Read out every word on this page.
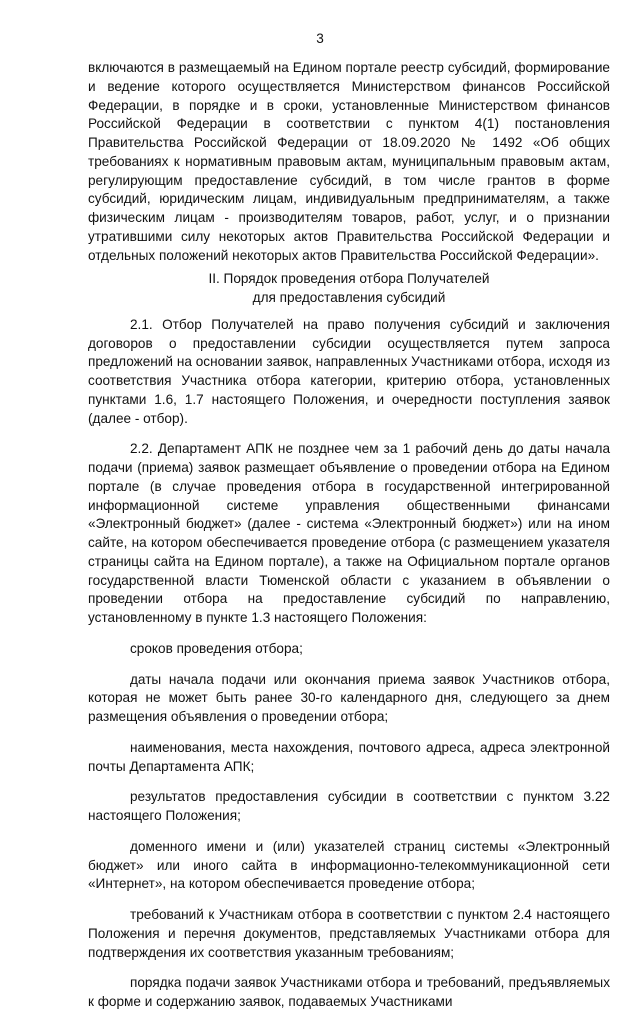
3

включаются в размещаемый на Едином портале реестр субсидий, формирование и ведение которого осуществляется Министерством финансов Российской Федерации, в порядке и в сроки, установленные Министерством финансов Российской Федерации в соответствии с пунктом 4(1) постановления Правительства Российской Федерации от 18.09.2020 № 1492 «Об общих требованиях к нормативным правовым актам, муниципальным правовым актам, регулирующим предоставление субсидий, в том числе грантов в форме субсидий, юридическим лицам, индивидуальным предпринимателям, а также физическим лицам - производителям товаров, работ, услуг, и о признании утратившими силу некоторых актов Правительства Российской Федерации и отдельных положений некоторых актов Правительства Российской Федерации».

II. Порядок проведения отбора Получателей
для предоставления субсидий

2.1. Отбор Получателей на право получения субсидий и заключения договоров о предоставлении субсидии осуществляется путем запроса предложений на основании заявок, направленных Участниками отбора, исходя из соответствия Участника отбора категории, критерию отбора, установленных пунктами 1.6, 1.7 настоящего Положения, и очередности поступления заявок (далее - отбор).

2.2. Департамент АПК не позднее чем за 1 рабочий день до даты начала подачи (приема) заявок размещает объявление о проведении отбора на Едином портале (в случае проведения отбора в государственной интегрированной информационной системе управления общественными финансами «Электронный бюджет» (далее - система «Электронный бюджет») или на ином сайте, на котором обеспечивается проведение отбора (с размещением указателя страницы сайта на Едином портале), а также на Официальном портале органов государственной власти Тюменской области с указанием в объявлении о проведении отбора на предоставление субсидий по направлению, установленному в пункте 1.3 настоящего Положения:

сроков проведения отбора;

даты начала подачи или окончания приема заявок Участников отбора, которая не может быть ранее 30-го календарного дня, следующего за днем размещения объявления о проведении отбора;

наименования, места нахождения, почтового адреса, адреса электронной почты Департамента АПК;

результатов предоставления субсидии в соответствии с пунктом 3.22 настоящего Положения;

доменного имени и (или) указателей страниц системы «Электронный бюджет» или иного сайта в информационно-телекоммуникационной сети «Интернет», на котором обеспечивается проведение отбора;

требований к Участникам отбора в соответствии с пунктом 2.4 настоящего Положения и перечня документов, представляемых Участниками отбора для подтверждения их соответствия указанным требованиям;

порядка подачи заявок Участниками отбора и требований, предъявляемых к форме и содержанию заявок, подаваемых Участниками
